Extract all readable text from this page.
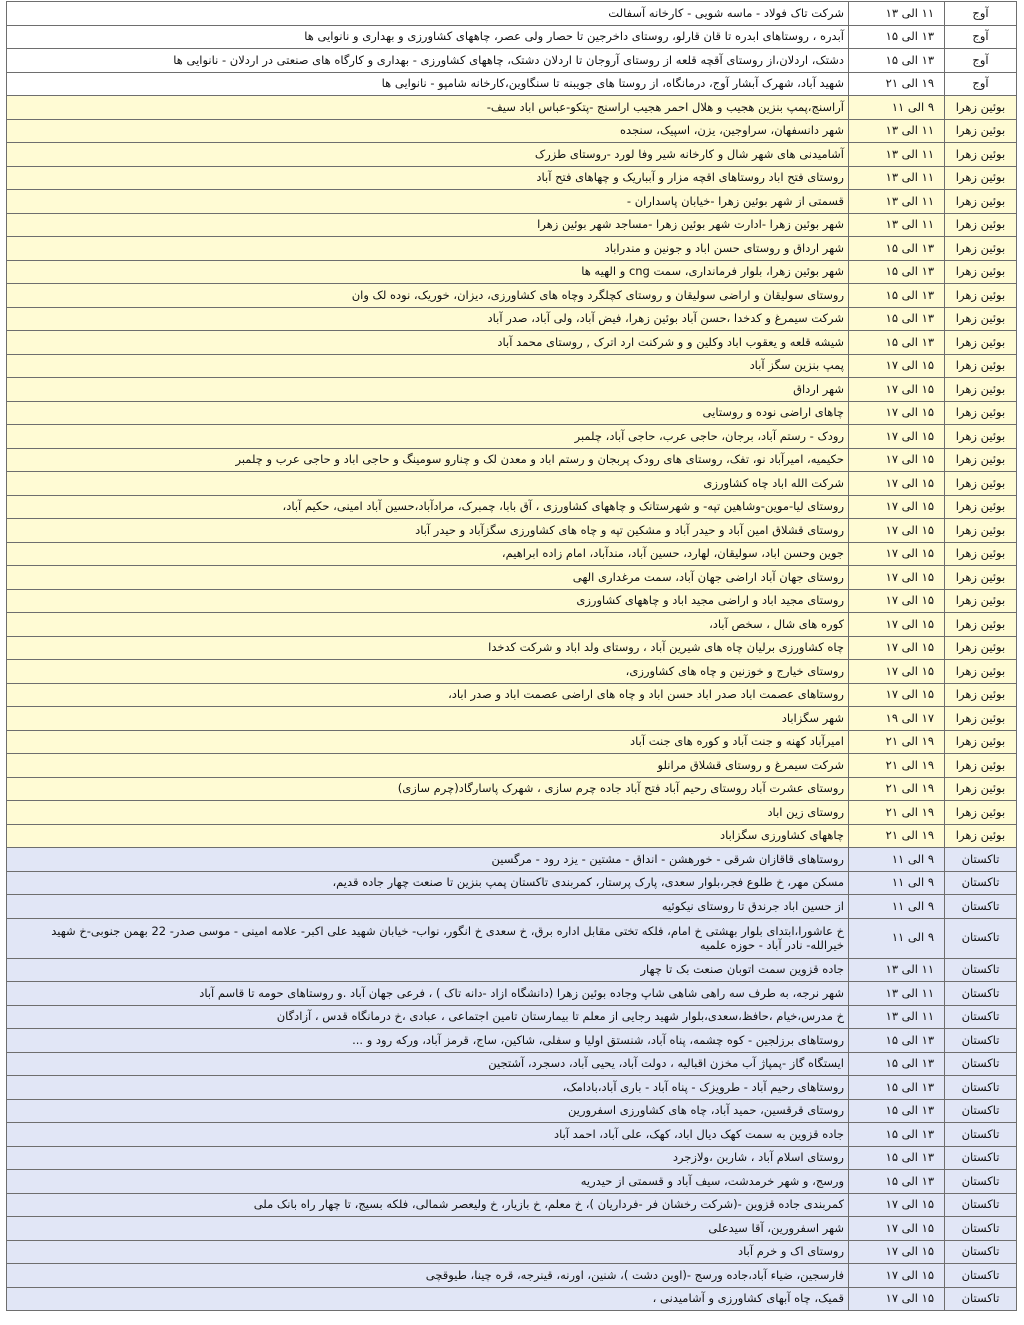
آوج	۱۱ الی ۱۳	شرکت تاک فولاد - ماسه شویی - کارخانه آسفالت
آوج	۱۳ الی ۱۵	آبدره ، روستاهای ابدره تا قان قارلو، روستای داخرجین تا حصار ولی عصر، چاههای کشاورزی و بهداری و نانوایی ها
آوج	۱۳ الی ۱۵	دشتک، اردلان،از روستای آقچه قلعه از روستای آروجان تا اردلان دشتک، چاههای کشاورزی - بهداری و کارگاه های صنعتی در اردلان - نانوایی ها
آوج	۱۹ الی ۲۱	شهید آباد، شهرک آبشار آوج، درمانگاه، از روستا های جویبنه تا سنگاوین،کارخانه شامپو - نانوایی ها
بوئین زهرا	۹ الی ۱۱	آراسنج،پمپ بنزین هجیب و هلال احمر هجیب اراسنج -پتکو-عباس اباد سیف-
بوئین زهرا	۱۱ الی ۱۳	شهر دانسفهان، سراوجین، یزن، اسپیک، سنجده
بوئین زهرا	۱۱ الی ۱۳	آشامیدنی های شهر شال و کارخانه شیر وفا لورد -روستای طزرک
بوئین زهرا	۱۱ الی ۱۳	روستای فتح اباد روستاهای اقچه مزار و آبباریک و چهاهای فتح آباد
بوئین زهرا	۱۱ الی ۱۳	قسمتی از شهر بوئین زهرا -خیابان پاسداران -
بوئین زهرا	۱۱ الی ۱۳	شهر بوئین زهرا -ادارت شهر بوئین زهرا -مساجد شهر بوئین زهرا
بوئین زهرا	۱۳ الی ۱۵	شهر ارداق و روستای حسن اباد و جونین و مندراباد
بوئین زهرا	۱۳ الی ۱۵	شهر بوئین زهرا، بلوار فرمانداری، سمت cng و الهیه ها
بوئین زهرا	۱۳ الی ۱۵	روستای سولیقان و اراضی سولیقان و روستای کچلگرد وچاه های کشاورزی، دیزان، خوریک، نوده لک وان
بوئین زهرا	۱۳ الی ۱۵	شرکت سیمرغ و کدخدا ،حسن آباد بوئین زهرا، فیض آباد، ولی آباد، صدر آباد
بوئین زهرا	۱۳ الی ۱۵	شیشه قلعه و یعقوب اباد وکلین و و شرکنت ارد اترک , روستای محمد آباد
بوئین زهرا	۱۵ الی ۱۷	پمپ بنزین سگز آباد
بوئین زهرا	۱۵ الی ۱۷	شهر ارداق
بوئین زهرا	۱۵ الی ۱۷	چاهای اراضی نوده و روستایی
بوئین زهرا	۱۵ الی ۱۷	رودک - رستم آباد، برجان، حاجی عرب، حاجی آباد، چلمبر
بوئین زهرا	۱۵ الی ۱۷	حکیمیه، امیرآباد نو، تفک، روستای های رودک پربجان و رستم اباد و معدن لک و چنارو سومینگ و حاجی اباد و حاجی عرب و چلمبر
بوئین زهرا	۱۵ الی ۱۷	شرکت الله اباد چاه کشاورزی
بوئین زهرا	۱۵ الی ۱۷	روستای لیا-موین-وشاهین تپه- و شهرستانک و چاههای کشاورزی ، آق بابا، چمبرک، مرادآباد،حسین آباد امینی، حکیم آباد،
بوئین زهرا	۱۵ الی ۱۷	روستای قشلاق امین آباد و حیدر آباد و مشکین تپه و چاه های کشاورزی سگزآباد و حیدر آباد
بوئین زهرا	۱۵ الی ۱۷	جوین وحسن اباد، سولیقان، لهارد، حسین آباد، مندآباد، امام زاده ابراهیم،
بوئین زهرا	۱۵ الی ۱۷	روستای جهان آباد اراضی جهان آباد، سمت مرغداری الهی
بوئین زهرا	۱۵ الی ۱۷	روستای مجید اباد و اراضی مجید اباد و چاههای کشاورزی
بوئین زهرا	۱۵ الی ۱۷	کوره های شال ، سخص آباد،
بوئین زهرا	۱۵ الی ۱۷	چاه کشاورزی برلیان چاه های شیرین آباد ، روستای ولد اباد و شرکت کدخدا
بوئین زهرا	۱۵ الی ۱۷	روستای خیارج و خوزنین و چاه های کشاورزی،
بوئین زهرا	۱۵ الی ۱۷	روستاهای عصمت اباد صدر اباد حسن اباد و چاه های اراضی عصمت اباد و صدر اباد،
بوئین زهرا	۱۷ الی ۱۹	شهر سگزاباد
بوئین زهرا	۱۹ الی ۲۱	امیرآباد کهنه و جنت آباد و کوره های جنت آباد
بوئین زهرا	۱۹ الی ۲۱	شرکت سیمرغ و روستای قشلاق مرانلو
بوئین زهرا	۱۹ الی ۲۱	روستای عشرت آباد روستای رحیم آباد فتح آباد جاده چرم سازی ، شهرک پاسارگاد(چرم سازی)
بوئین زهرا	۱۹ الی ۲۱	روستای زین اباد
بوئین زهرا	۱۹ الی ۲۱	چاههای کشاورزی سگزاباد
تاکستان	۹ الی ۱۱	روستاهای قاقازان شرقی - خورهشن - انداق - مشتین - یزد رود - مرگسین
تاکستان	۹ الی ۱۱	مسکن مهر، خ طلوع فجر،بلوار سعدی، پارک پرستار، کمربندی تاکستان پمپ بنزین تا صنعت چهار جاده قدیم،
تاکستان	۹ الی ۱۱	از حسین اباد جرندق تا روستای نیکوئیه
تاکستان	۹ الی ۱۱	خ عاشورا،ابتدای بلوار بهشتی خ امام، فلکه تختی مقابل اداره برق، خ سعدی خ انگور، نواب- خیابان شهید علی اکبر- علامه امینی - موسی صدر- 22 بهمن جنوبی-خ شهید خیرالله- نادر آباد - حوزه علمیه
تاکستان	۱۱ الی ۱۳	جاده قزوین سمت اتوبان صنعت بک تا چهار
تاکستان	۱۱ الی ۱۳	شهر نرجه، به طرف سه راهی شاهی شاپ وجاده بوئین زهرا (دانشگاه ازاد -دانه تاک ) ، فرعی جهان آباد .و روستاهای حومه تا قاسم آباد
تاکستان	۱۱ الی ۱۳	خ مدرس،خیام ،حافظ،سعدی،بلوار شهید رجایی از معلم تا بیمارستان تامین اجتماعی ، عبادی ،خ درمانگاه قدس ، آزادگان
تاکستان	۱۳ الی ۱۵	روستاهای برزلجین - کوه چشمه، پناه آباد، شنستق اولیا و سفلی، شاکین، ساج، قرمز آباد، ورکه رود و ...
تاکستان	۱۳ الی ۱۵	ایستگاه گاز -پمپاژ آب مخزن اقبالیه ، دولت آباد، یحیی آباد، دسجرد، آشتجین
تاکستان	۱۳ الی ۱۵	روستاهای رحیم آباد - طرویزک - پناه آباد - باری آباد،بادامک،
تاکستان	۱۳ الی ۱۵	روستای قرقسین، حمید آباد، چاه های کشاورزی اسفرورین
تاکستان	۱۳ الی ۱۵	جاده قزوین به سمت کهک دیال اباد، کهک، علی آباد، احمد آباد
تاکستان	۱۳ الی ۱۵	روستای اسلام آباد ، شاربن ،ولازجرد
تاکستان	۱۳ الی ۱۵	ورسج، و شهر خرمدشت، سیف آباد و قسمتی از حیدریه
تاکستان	۱۵ الی ۱۷	کمربندی جاده قزوین -(شرکت رخشان فر -فرداریان )، خ معلم، خ بازیار، خ ولیعصر شمالی، فلکه بسیج، تا چهار راه بانک ملی
تاکستان	۱۵ الی ۱۷	شهر اسفرورین، آقا سیدعلی
تاکستان	۱۵ الی ۱۷	روستای اک و خرم آباد
تاکستان	۱۵ الی ۱۷	فارسجین، ضیاء آباد،جاده ورسج -(اوین دشت )، شنین، اورنه، قینرجه، قره چینا، طیوقچی
تاکستان	۱۵ الی ۱۷	قمیک، چاه آبهای کشاورزی و آشامیدنی ،
